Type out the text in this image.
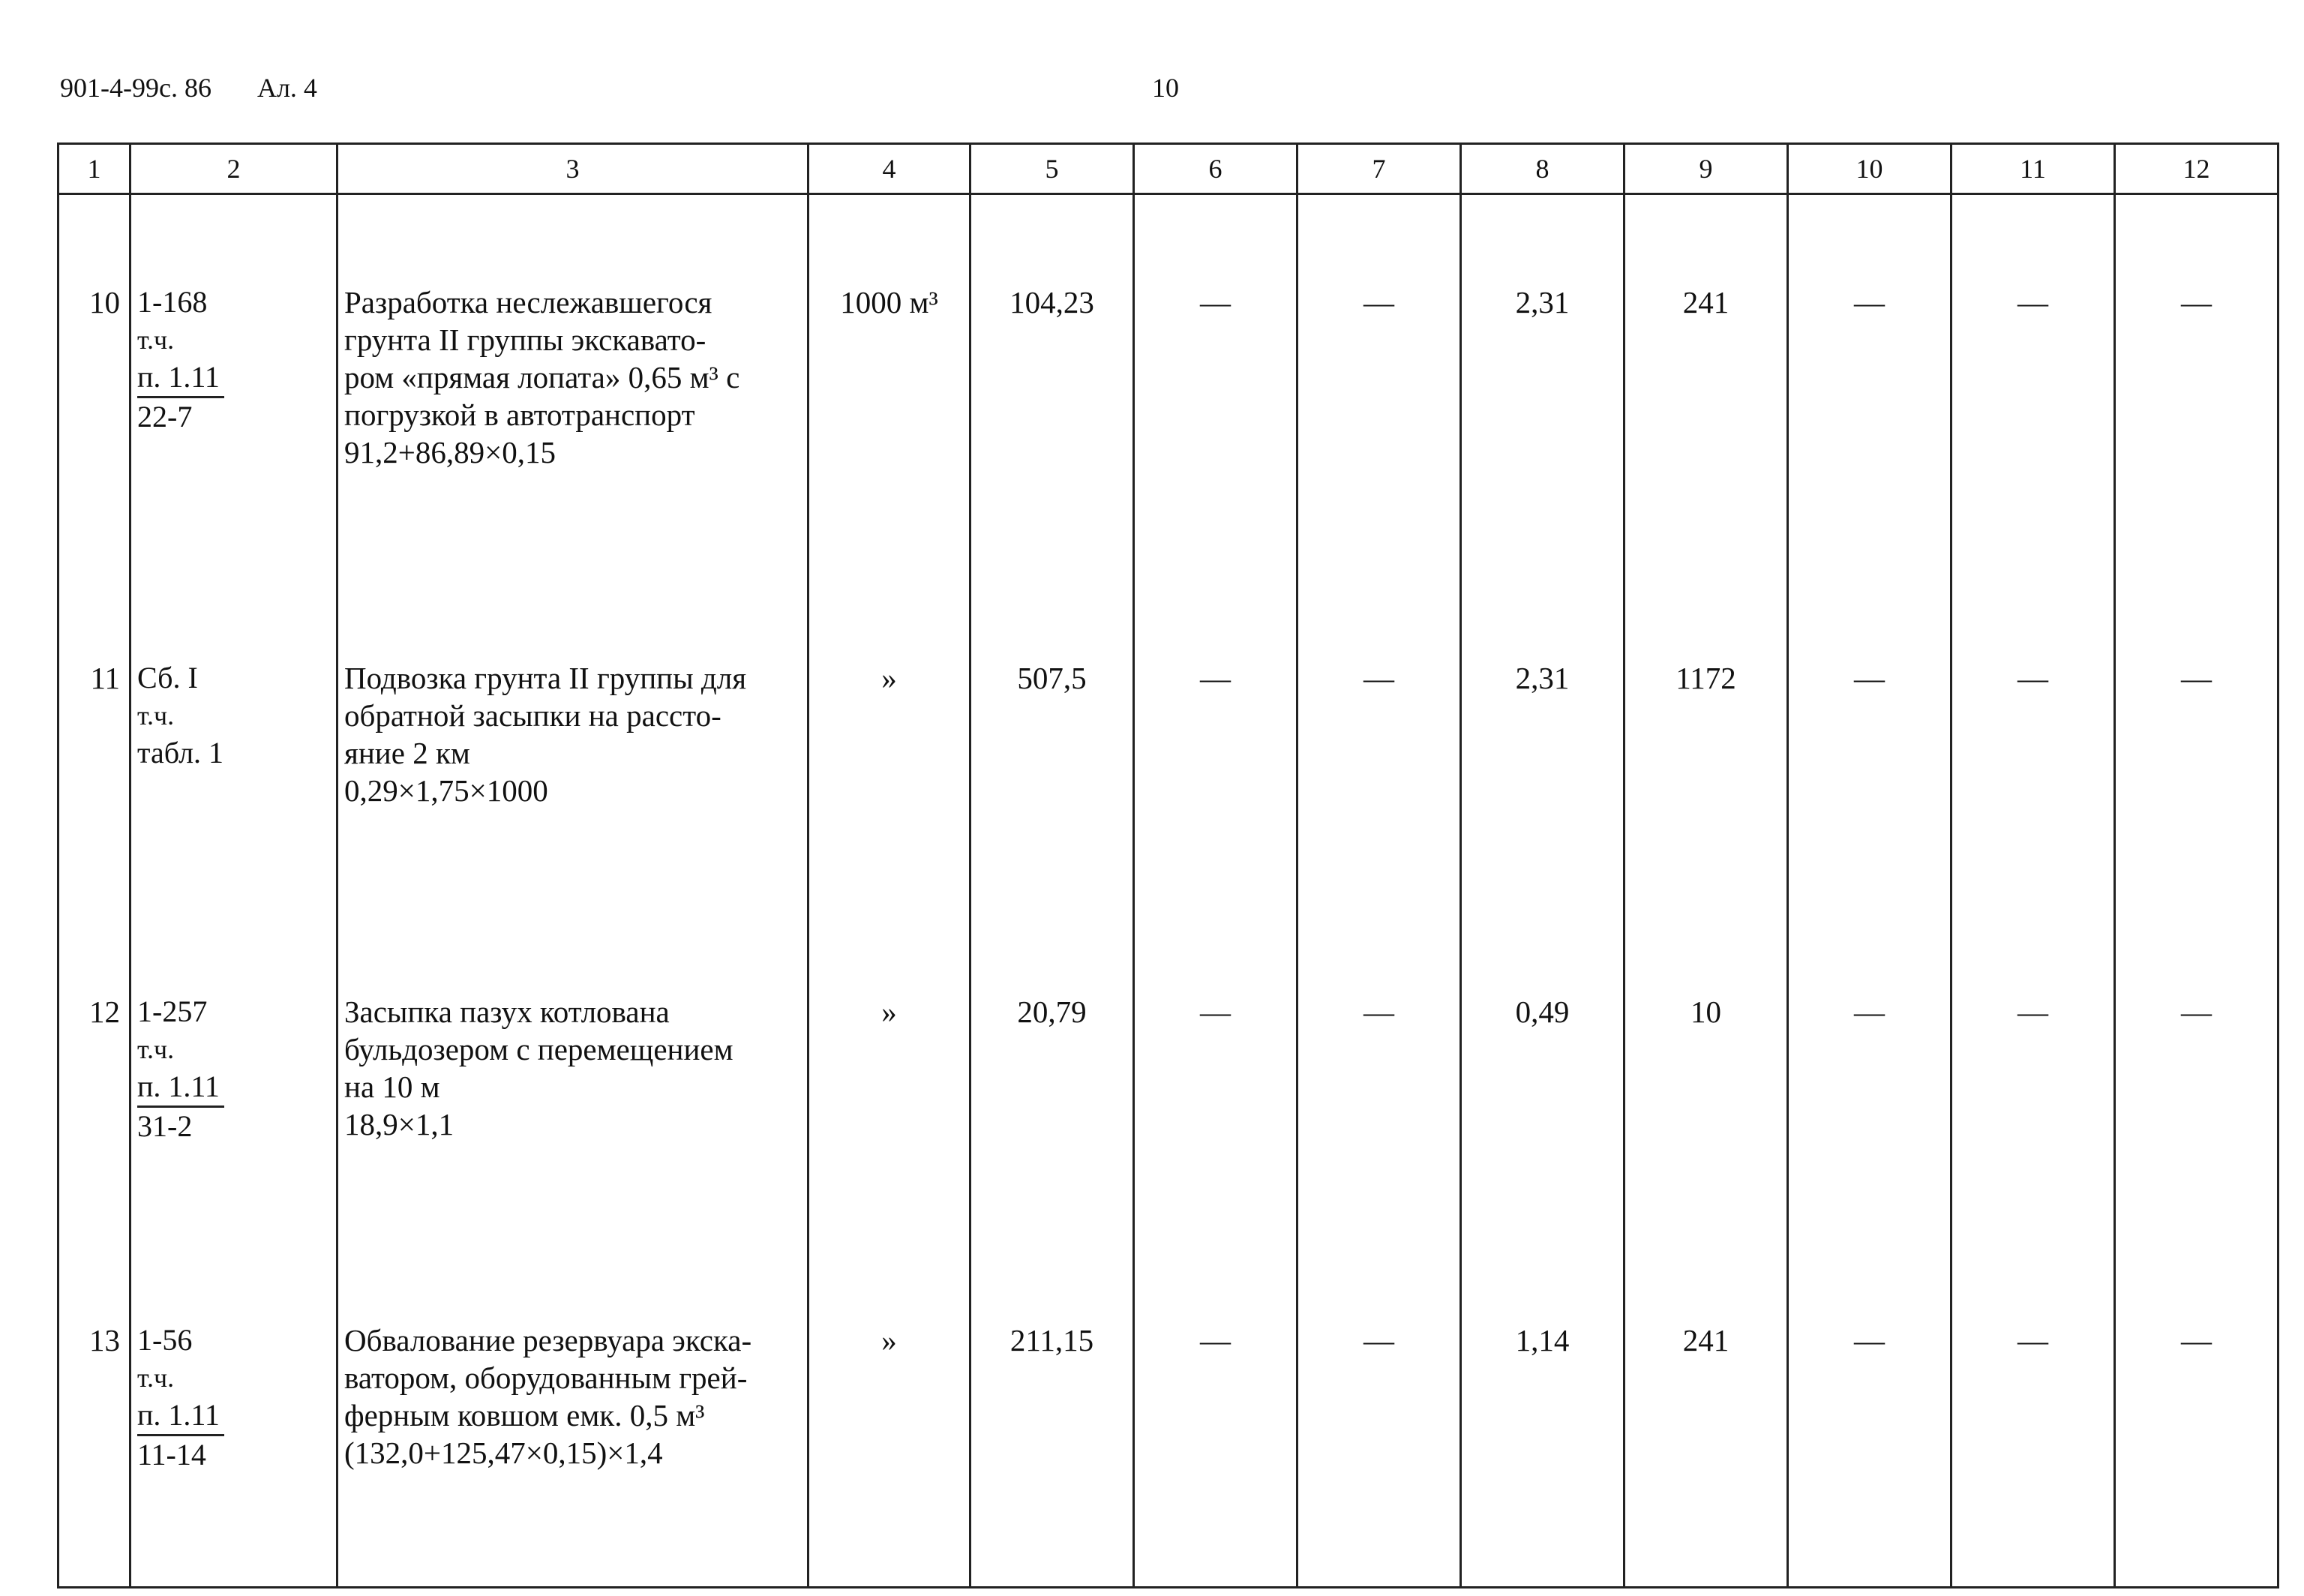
901-4-99с. 86 Ал. 4	10
1	2	3	4	5	6	7	8	9	10	11	12
10	1-168
т.ч.
п. 1.11
22-7	Разработка неслежавшегося
грунта II группы экскавато-
ром «прямая лопата» 0,65 м³ с
погрузкой в автотранспорт
91,2+86,89×0,15	1000 м³	104,23	—	—	2,31	241	—	—	—
11	Сб. I
т.ч.
табл. 1	Подвозка грунта II группы для
обратной засыпки на рассто-
яние 2 км
0,29×1,75×1000	»	507,5	—	—	2,31	1172	—	—	—
12	1-257
т.ч.
п. 1.11
31-2	Засыпка пазух котлована
бульдозером с перемещением
на 10 м
18,9×1,1	»	20,79	—	—	0,49	10	—	—	—
13	1-56
т.ч.
п. 1.11
11-14	Обвалование резервуара экска-
ватором, оборудованным грей-
ферным ковшом емк. 0,5 м³
(132,0+125,47×0,15)×1,4	»	211,15	—	—	1,14	241	—	—	—
